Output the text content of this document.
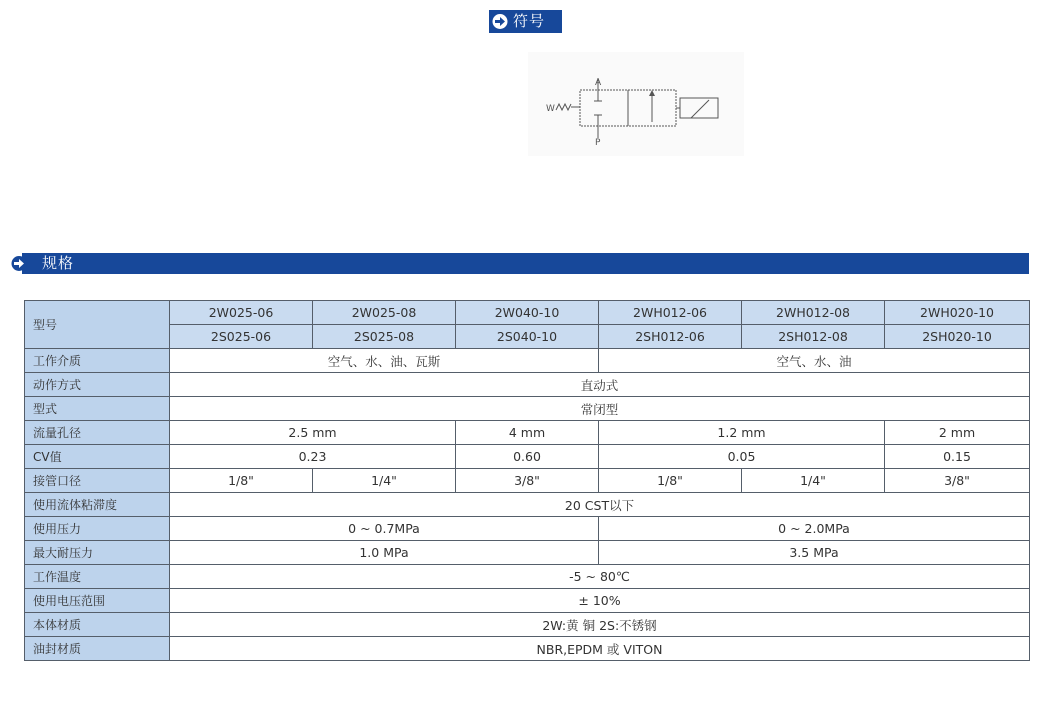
符号
A
P
W
规格
型号	2W025-06	2W025-08	2W040-10	2WH012-06	2WH012-08	2WH020-10
	2S025-06	2S025-08	2S040-10	2SH012-06	2SH012-08	2SH020-10
工作介质	空气、水、油、瓦斯			空气、水、油		
动作方式	直动式					
型式	常闭型					
流量孔径	2.5 mm		4 mm	1.2 mm		2 mm
CV值	0.23		0.60	0.05		0.15
接管口径	1/8"	1/4"	3/8"	1/8"	1/4"	3/8"
使用流体粘滞度	20 CST以下					
使用压力	0 ~ 0.7MPa			0 ~ 2.0MPa		
最大耐压力	1.0 MPa			3.5 MPa		
工作温度	-5 ~ 80℃					
使用电压范围	± 10%					
本体材质	2W:黄 铜 2S:不锈钢					
油封材质	NBR,EPDM 或 VITON					
